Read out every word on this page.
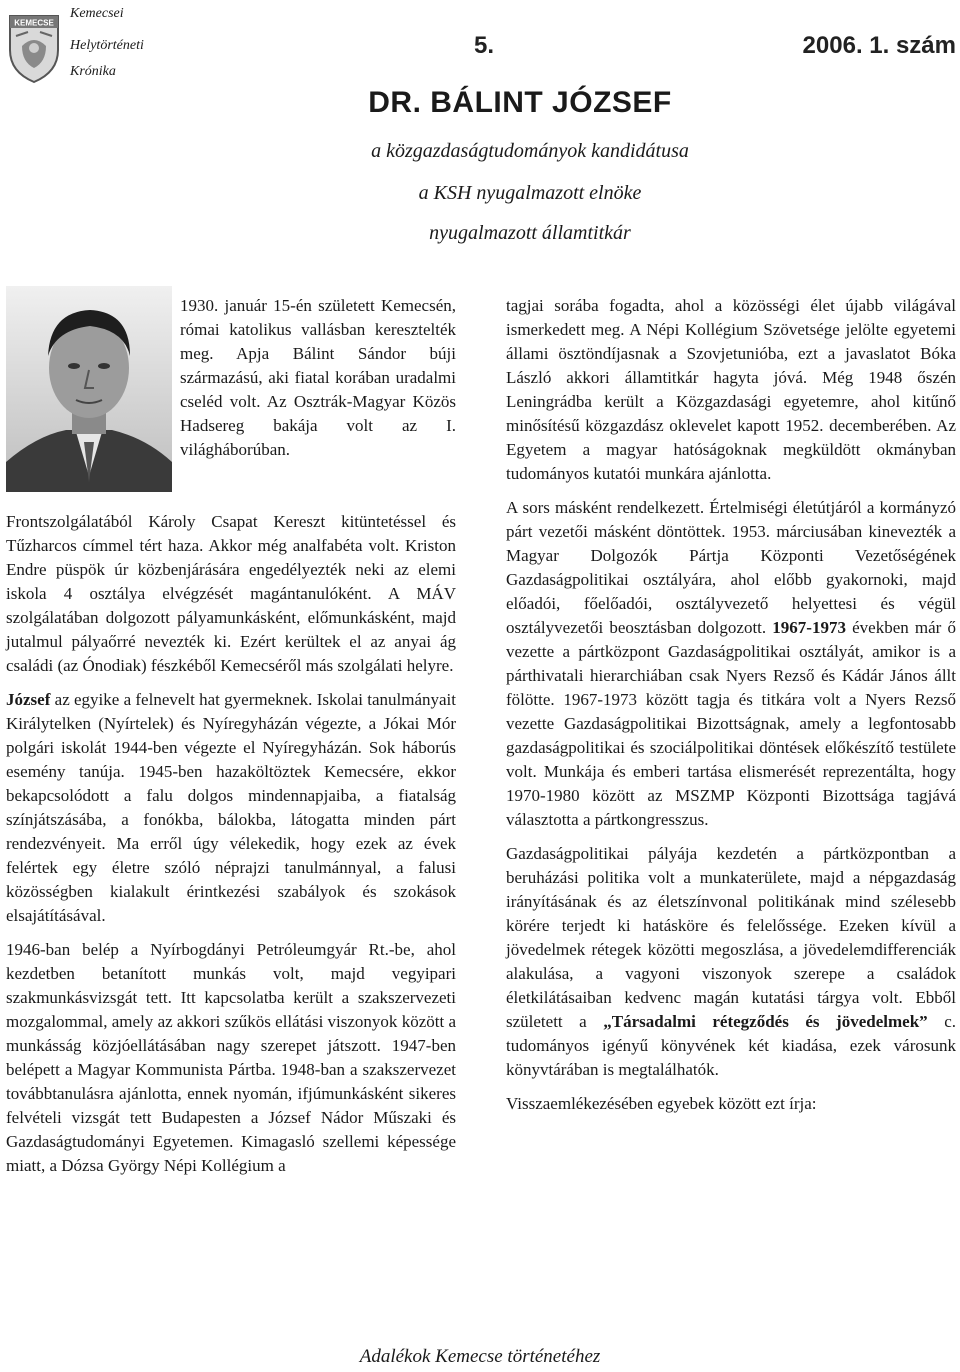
KEMECSE
Kemecsei
Helytörténeti
Krónika
5.	2006. 1. szám
DR. BÁLINT JÓZSEF
a közgazdaságtudományok kandidátusa
a KSH nyugalmazott elnöke
nyugalmazott államtitkár

1930. január 15-én született Kemecsén, római katolikus vallásban keresztelték meg. Apja Bálint Sándor búji származású, aki fiatal korában uradalmi cseléd volt. Az Osztrák-Magyar Közös Hadsereg bakája volt az I. világháborúban.

Frontszolgálatából Károly Csapat Kereszt kitüntetéssel és Tűzharcos címmel tért haza. Akkor még analfabéta volt. Kriston Endre püspök úr közbenjárására engedélyezték neki az elemi iskola 4 osztálya elvégzését magántanulóként. A MÁV szolgálatában dolgozott pályamunkásként, előmunkásként, majd jutalmul pályaőrré nevezték ki. Ezért kerültek el az anyai ág családi (az Ónodiak) fészkéből Kemecséről más szolgálati helyre.

József az egyike a felnevelt hat gyermeknek. Iskolai tanulmányait Királytelken (Nyírtelek) és Nyíregyházán végezte, a Jókai Mór polgári iskolát 1944-ben végezte el Nyíregyházán. Sok háborús esemény tanúja. 1945-ben hazaköltöztek Kemecsére, ekkor bekapcsolódott a falu dolgos mindennapjaiba, a fiatalság színjátszásába, a fonókba, bálokba, látogatta minden párt rendezvényeit. Ma erről úgy vélekedik, hogy ezek az évek felértek egy életre szóló néprajzi tanulmánnyal, a falusi közösségben kialakult érintkezési szabályok és szokások elsajátításával.

1946-ban belép a Nyírbogdányi Petróleumgyár Rt.-be, ahol kezdetben betanított munkás volt, majd vegyipari szakmunkásvizsgát tett. Itt kapcsolatba került a szakszervezeti mozgalommal, amely az akkori szűkös ellátási viszonyok között a munkásság közjóellátásában nagy szerepet játszott. 1947-ben belépett a Magyar Kommunista Pártba. 1948-ban a szakszervezet továbbtanulásra ajánlotta, ennek nyomán, ifjúmunkásként sikeres felvételi vizsgát tett Budapesten a József Nádor Műszaki és Gazdaságtudományi Egyetemen. Kimagasló szellemi képessége miatt, a Dózsa György Népi Kollégium a

tagjai sorába fogadta, ahol a közösségi élet újabb világával ismerkedett meg. A Népi Kollégium Szövetsége jelölte egyetemi állami ösztöndíjasnak a Szovjetunióba, ezt a javaslatot Bóka László akkori államtitkár hagyta jóvá. Még 1948 őszén Leningrádba került a Közgazdasági egyetemre, ahol kitűnő minősítésű közgazdász oklevelet kapott 1952. decemberében. Az Egyetem a magyar hatóságoknak megküldött okmányban tudományos kutatói munkára ajánlotta.

A sors másként rendelkezett. Értelmiségi életútjáról a kormányzó párt vezetői másként döntöttek. 1953. márciusában kinevezték a Magyar Dolgozók Pártja Központi Vezetőségének Gazdaságpolitikai osztályára, ahol előbb gyakornoki, majd előadói, főelőadói, osztályvezető helyettesi és végül osztályvezetői beosztásban dolgozott. 1967-1973 években már ő vezette a pártközpont Gazdaságpolitikai osztályát, amikor is a párthivatali hierarchiában csak Nyers Rezső és Kádár János állt fölötte. 1967-1973 között tagja és titkára volt a Nyers Rezső vezette Gazdaságpolitikai Bizottságnak, amely a legfontosabb gazdaságpolitikai és szociálpolitikai döntések előkészítő testülete volt. Munkája és emberi tartása elismerését reprezentálta, hogy 1970-1980 között az MSZMP Központi Bizottsága tagjává választotta a pártkongresszus.

Gazdaságpolitikai pályája kezdetén a pártközpontban a beruházási politika volt a munkaterülete, majd a népgazdaság irányításának és az életszínvonal politikának mind szélesebb körére terjedt ki hatásköre és felelőssége. Ezeken kívül a jövedelmek rétegek közötti megoszlása, a jövedelemdifferenciák alakulása, a vagyoni viszonyok szerepe a családok életkilátásaiban kedvenc magán kutatási tárgya volt. Ebből született a „Társadalmi rétegződés és jövedelmek” c. tudományos igényű könyvének két kiadása, ezek városunk könyvtárában is megtalálhatók.

Visszaemlékezésében egyebek között ezt írja:

Adalékok Kemecse történetéhez
